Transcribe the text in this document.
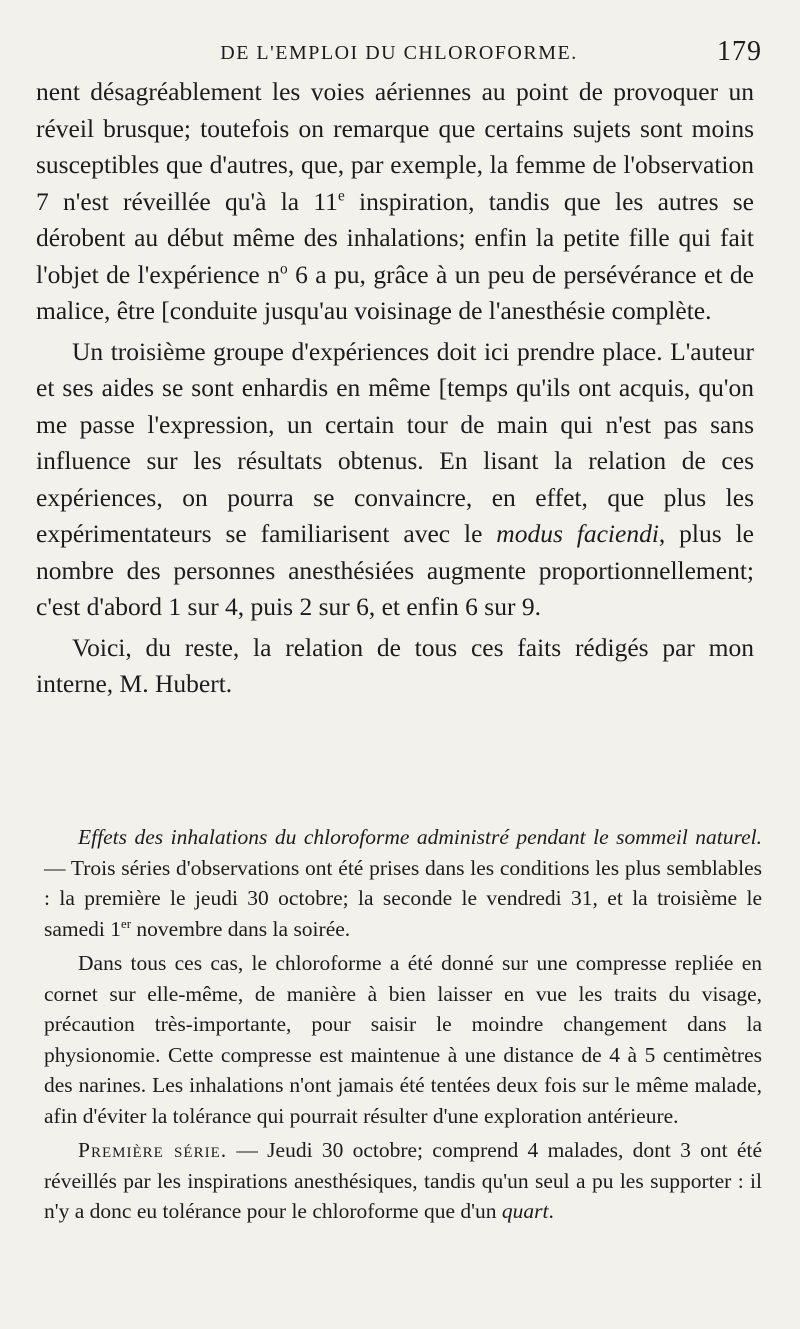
DE L'EMPLOI DU CHLOROFORME.	179

nent désagréablement les voies aériennes au point de provoquer un réveil brusque; toutefois on remarque que certains sujets sont moins susceptibles que d'autres, que, par exemple, la femme de l'observation 7 n'est réveillée qu'à la 11e inspiration, tandis que les autres se dérobent au début même des inhalations; enfin la petite fille qui fait l'objet de l'expérience $n^o$ 6 a pu, grâce à un peu de persévérance et de malice, être [conduite jusqu'au voisinage de l'anesthésie complète.

Un troisième groupe d'expériences doit ici prendre place. L'auteur et ses aides se sont enhardis en même [temps qu'ils ont acquis, qu'on me passe l'expression, un certain tour de main qui n'est pas sans influence sur les résultats obtenus. En lisant la relation de ces expériences, on pourra se convaincre, en effet, que plus les expérimentateurs se familiarisent avec le modus faciendi, plus le nombre des personnes anesthésiées augmente proportionnellement; c'est d'abord 1 sur 4, puis 2 sur 6, et enfin 6 sur 9.

Voici, du reste, la relation de tous ces faits rédigés par mon interne, M. Hubert.

Effets des inhalations du chloroforme administré pendant le sommeil naturel. — Trois séries d'observations ont été prises dans les conditions les plus semblables : la première le jeudi 30 octobre; la seconde le vendredi 31, et la troisième le samedi 1er novembre dans la soirée.

Dans tous ces cas, le chloroforme a été donné sur une compresse repliée en cornet sur elle-même, de manière à bien laisser en vue les traits du visage, précaution très-importante, pour saisir le moindre changement dans la physionomie. Cette compresse est maintenue à une distance de 4 à 5 centimètres des narines. Les inhalations n'ont jamais été tentées deux fois sur le même malade, afin d'éviter la tolérance qui pourrait résulter d'une exploration antérieure.

Première série. — Jeudi 30 octobre; comprend 4 malades, dont 3 ont été réveillés par les inspirations anesthésiques, tandis qu'un seul a pu les supporter : il n'y a donc eu tolérance pour le chloroforme que d'un quart.
